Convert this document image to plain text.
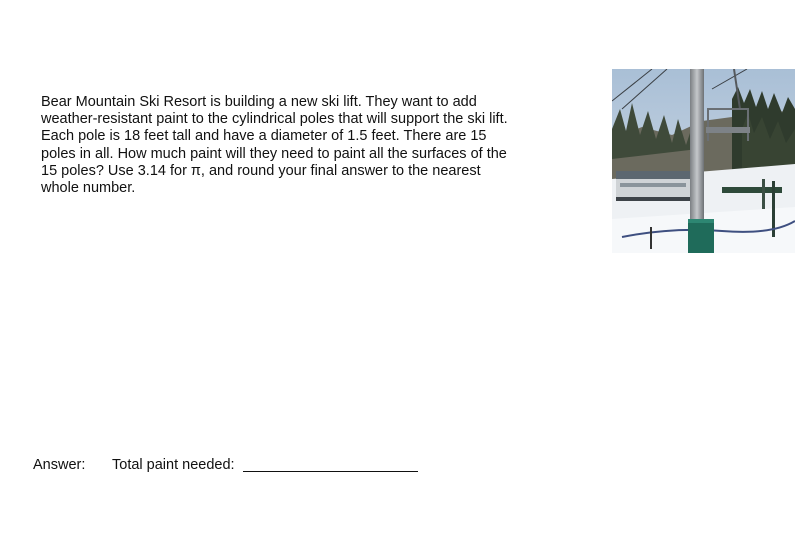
Bear Mountain Ski Resort is building a new ski lift. They want to add
weather-resistant paint to the cylindrical poles that will support the ski lift.
Each pole is 18 feet tall and have a diameter of 1.5 feet. There are 15
poles in all. How much paint will they need to paint all the surfaces of the
15 poles? Use 3.14 for π, and round your final answer to the nearest
whole number.
Answer:	Total paint needed:
